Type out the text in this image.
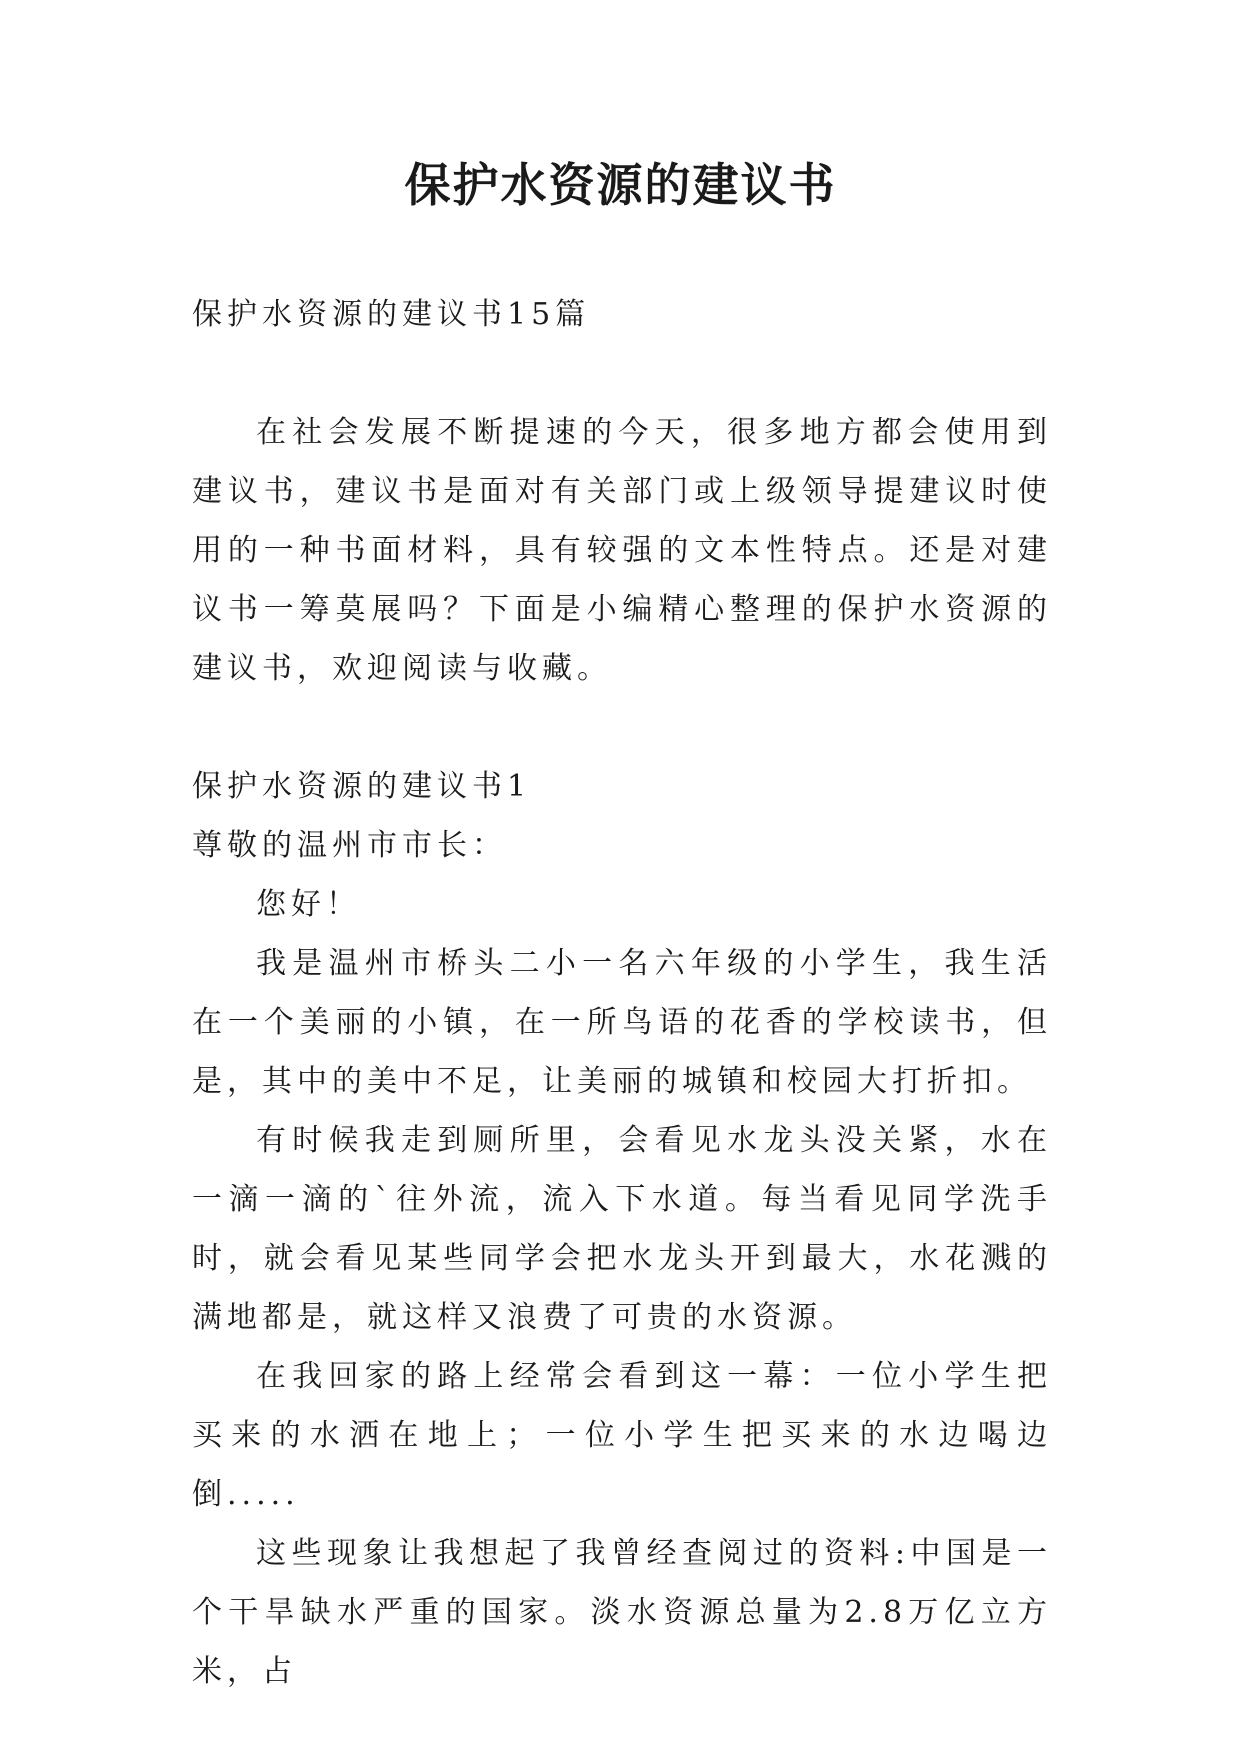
保护水资源的建议书

保护水资源的建议书15篇

在社会发展不断提速的今天，很多地方都会使用到建议书，建议书是面对有关部门或上级领导提建议时使用的一种书面材料，具有较强的文本性特点。还是对建议书一筹莫展吗？下面是小编精心整理的保护水资源的建议书，欢迎阅读与收藏。

保护水资源的建议书1

尊敬的温州市市长：

您好！

我是温州市桥头二小一名六年级的小学生，我生活在一个美丽的小镇，在一所鸟语的花香的学校读书，但是，其中的美中不足，让美丽的城镇和校园大打折扣。

有时候我走到厕所里，会看见水龙头没关紧，水在一滴一滴的`往外流，流入下水道。每当看见同学洗手时，就会看见某些同学会把水龙头开到最大，水花溅的满地都是，就这样又浪费了可贵的水资源。

在我回家的路上经常会看到这一幕：一位小学生把买来的水洒在地上；一位小学生把买来的水边喝边倒.....

这些现象让我想起了我曾经查阅过的资料:中国是一个干旱缺水严重的国家。淡水资源总量为2.8万亿立方米，占
